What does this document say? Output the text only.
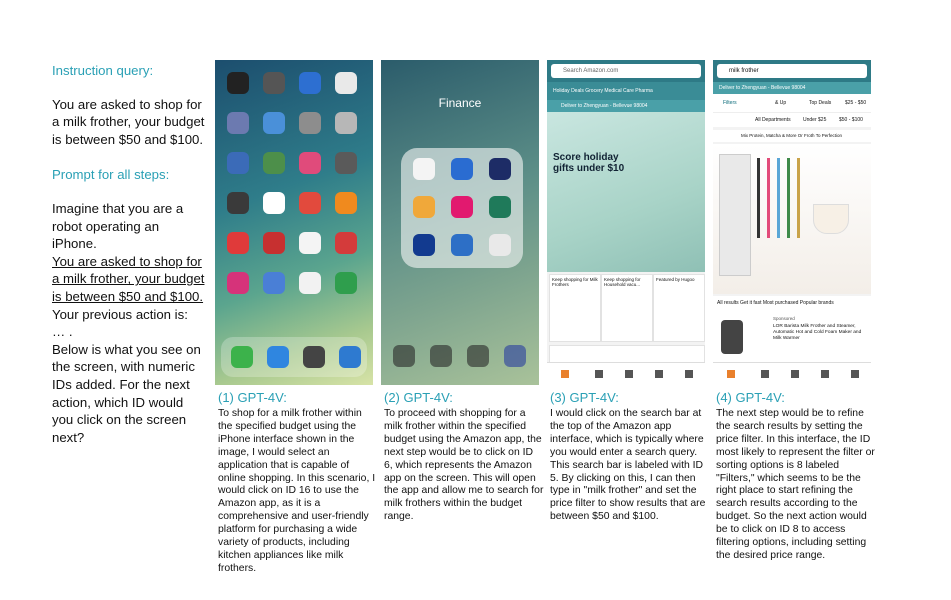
Instruction query:

You are asked to shop for a milk frother, your budget is between $50 and $100.

Prompt for all steps:

Imagine that you are a robot operating an iPhone.

You are asked to shop for a milk frother, your budget is between $50 and $100.

Your previous action is:

… .

Below is what you see on the screen, with numeric IDs added. For the next action, which ID would you click on the screen next?

Finance
Search Amazon.com
Holiday Deals Grocery Medical Care Pharma
Deliver to Zhengyuan - Bellevue 98004
Score holiday gifts under $10
Keep shopping for Milk Frothers
Keep shopping for Household vacu...
Featured by Hugoo
milk frother
Deliver to Zhengyuan - Bellevue 98004
Filters	& Up	Top Deals	$25 - $50
All Departments Under $25	$50 - $100
Mix Protein, Matcha & More Or Froth To Perfection
All results Get it fast Most purchased Popular brands
Sponsored
LOR Barista Milk Frother and Steamer, Automatic Hot and Cold Foam Maker and Milk Warmer
(1) GPT-4V:

To shop for a milk frother within the specified budget using the iPhone interface shown in the image, I would select an application that is capable of online shopping. In this scenario, I would click on ID 16 to use the Amazon app, as it is a comprehensive and user-friendly platform for purchasing a wide variety of products, including kitchen appliances like milk frothers.

(2) GPT-4V:

To proceed with shopping for a milk frother within the specified budget using the Amazon app, the next step would be to click on ID 6, which represents the Amazon app on the screen. This will open the app and allow me to search for milk frothers within the budget range.

(3) GPT-4V:

I would click on the search bar at the top of the Amazon app interface, which is typically where you would enter a search query. This search bar is labeled with ID 5. By clicking on this, I can then type in "milk frother" and set the price filter to show results that are between $50 and $100.

(4) GPT-4V:

The next step would be to refine the search results by setting the price filter. In this interface, the ID most likely to represent the filter or sorting options is 8 labeled "Filters," which seems to be the right place to start refining the search results according to the budget. So the next action would be to click on ID 8 to access filtering options, including setting the desired price range.
